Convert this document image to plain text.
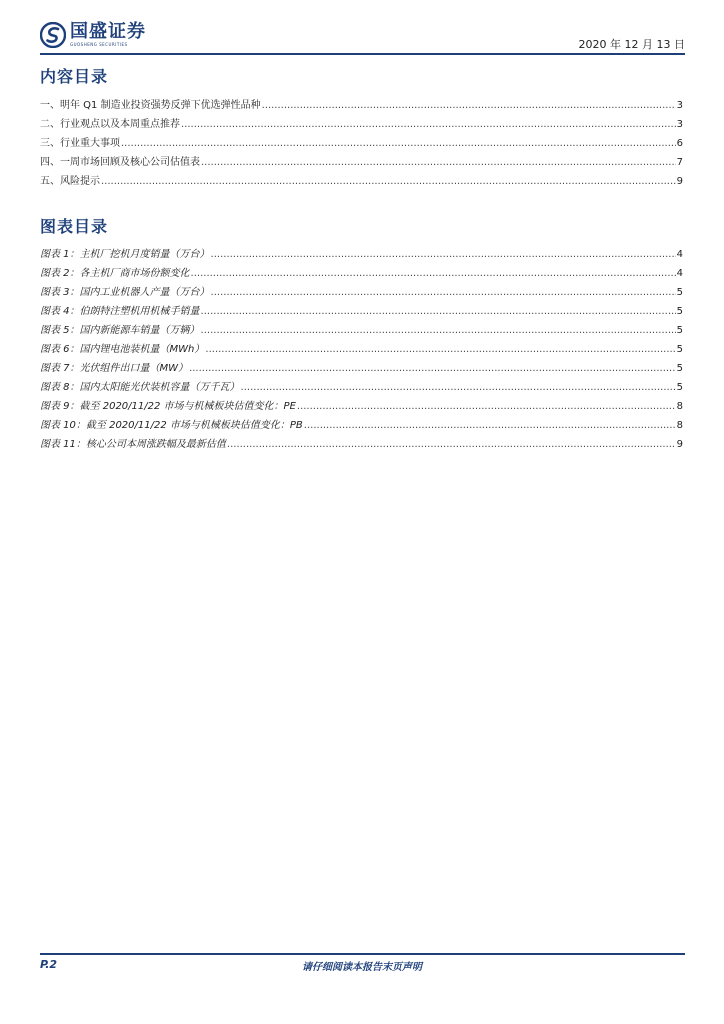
国盛证券
GUOSHENG SECURITIES	2020 年 12 月 13 日
内容目录
一、明年 Q1 制造业投资强势反弹下优选弹性品种 .....	3
二、行业观点以及本周重点推荐 .....	3
三、行业重大事项 .....	6
四、一周市场回顾及核心公司估值表 .....	7
五、风险提示 .....	9
图表目录
图表 1：主机厂挖机月度销量（万台） .....	4
图表 2：各主机厂商市场份额变化 .....	4
图表 3：国内工业机器人产量（万台） .....	5
图表 4：伯朗特注塑机用机械手销量 .....	5
图表 5：国内新能源车销量（万辆） .....	5
图表 6：国内锂电池装机量（MWh） .....	5
图表 7：光伏组件出口量（MW） .....	5
图表 8：国内太阳能光伏装机容量（万千瓦） .....	5
图表 9：截至 2020/11/22 市场与机械板块估值变化：PE .....	8
图表 10：截至 2020/11/22 市场与机械板块估值变化：PB .....	8
图表 11：核心公司本周涨跌幅及最新估值 .....	9
请仔细阅读本报告末页声明
P.2
